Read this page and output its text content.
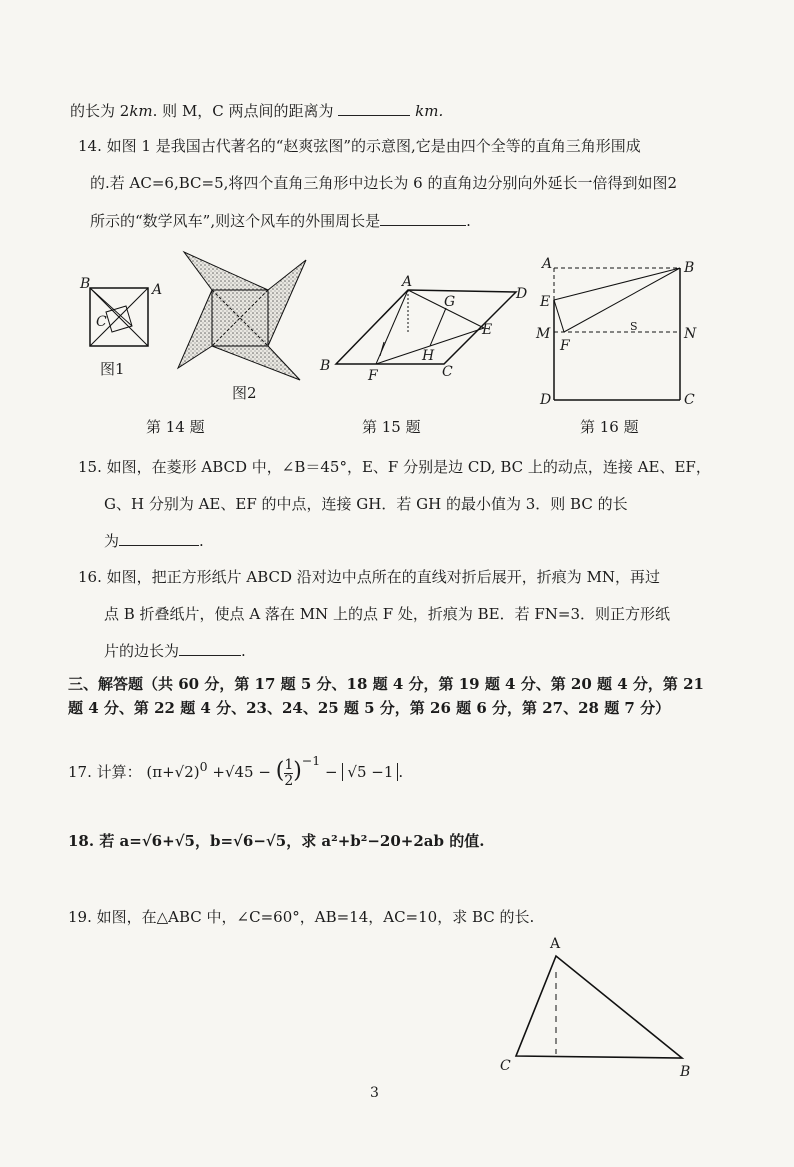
的长为 2km. 则 M，C 两点间的距离为	km.
14. 如图 1 是我国古代著名的“赵爽弦图”的示意图,它是由四个全等的直角三角形围成
的.若 AC=6,BC=5,将四个直角三角形中边长为 6 的直角边分别向外延长一倍得到如图2
所示的“数学风车”,则这个风车的外围周长是	.
B	A
C
图1
图2
第 14 题
A
D
G
E
H
B
F	C
第 15 题
A	B
E
M
F
S	N
D	C
第 16 题
15. 如图，在菱形 ABCD 中，∠B＝45°，E、F 分别是边 CD, BC 上的动点，连接 AE、EF，
G、H 分别为 AE、EF 的中点，连接 GH．若 GH 的最小值为 3．则 BC 的长
为	.
16. 如图，把正方形纸片 ABCD 沿对边中点所在的直线对折后展开，折痕为 MN，再过
点 B 折叠纸片，使点 A 落在 MN 上的点 F 处，折痕为 BE．若 FN=3．则正方形纸
片的边长为	.
三、解答题（共 60 分，第 17 题 5 分、18 题 4 分，第 19 题 4 分、第 20 题 4 分，第 21
题 4 分、第 22 题 4 分、23、24、25 题 5 分，第 26 题 6 分，第 27、28 题 7 分）
17. 计算： $(\pi+√2)^0 +√45$ − ( $\frac{1}{2} )^{-1} - √5 -1$ .
18. 若 a=√6+√5，b=√6−√5，求 a²+b²−20+2ab 的值.
19. 如图，在△ABC 中，∠C=60°，AB=14，AC=10，求 BC 的长.
A
C	B
3
